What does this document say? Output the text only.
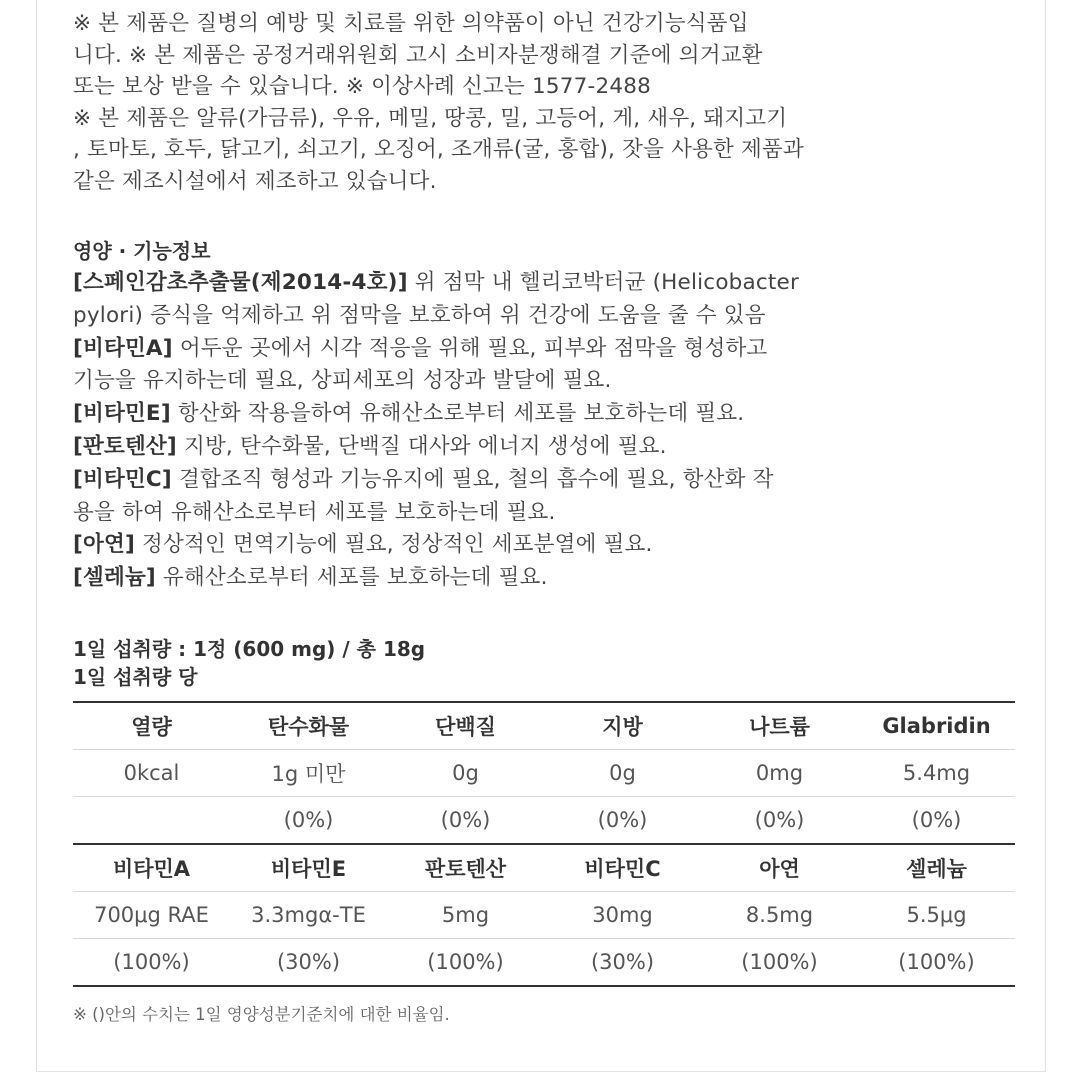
※ 본 제품은 질병의 예방 및 치료를 위한 의약품이 아닌 건강기능식품입

니다. ※ 본 제품은 공정거래위원회 고시 소비자분쟁해결 기준에 의거교환

또는 보상 받을 수 있습니다. ※ 이상사례 신고는 1577-2488

※ 본 제품은 알류(가금류), 우유, 메밀, 땅콩, 밀, 고등어, 게, 새우, 돼지고기

, 토마토, 호두, 닭고기, 쇠고기, 오징어, 조개류(굴, 홍합), 잣을 사용한 제품과

같은 제조시설에서 제조하고 있습니다.

영양 · 기능정보

[스페인감초추출물(제2014-4호)] 위 점막 내 헬리코박터균 (Helicobacter

pylori) 증식을 억제하고 위 점막을 보호하여 위 건강에 도움을 줄 수 있음

[비타민A] 어두운 곳에서 시각 적응을 위해 필요, 피부와 점막을 형성하고

기능을 유지하는데 필요, 상피세포의 성장과 발달에 필요.

[비타민E] 항산화 작용을하여 유해산소로부터 세포를 보호하는데 필요.

[판토텐산] 지방, 탄수화물, 단백질 대사와 에너지 생성에 필요.

[비타민C] 결합조직 형성과 기능유지에 필요, 철의 흡수에 필요, 항산화 작

용을 하여 유해산소로부터 세포를 보호하는데 필요.

[아연] 정상적인 면역기능에 필요, 정상적인 세포분열에 필요.

[셀레늄] 유해산소로부터 세포를 보호하는데 필요.

1일 섭취량 : 1정 (600 mg) / 총 18g

1일 섭취량 당

열량	탄수화물	단백질	지방	나트륨	Glabridin
0kcal	1g 미만	0g	0g	0mg	5.4mg
	(0%)	(0%)	(0%)	(0%)	(0%)

비타민A	비타민E	판토텐산	비타민C	아연	셀레늄
700μg RAE	3.3mgα-TE	5mg	30mg	8.5mg	5.5μg
(100%)	(30%)	(100%)	(30%)	(100%)	(100%)
※ ()안의 수치는 1일 영양성분기준치에 대한 비율임.
